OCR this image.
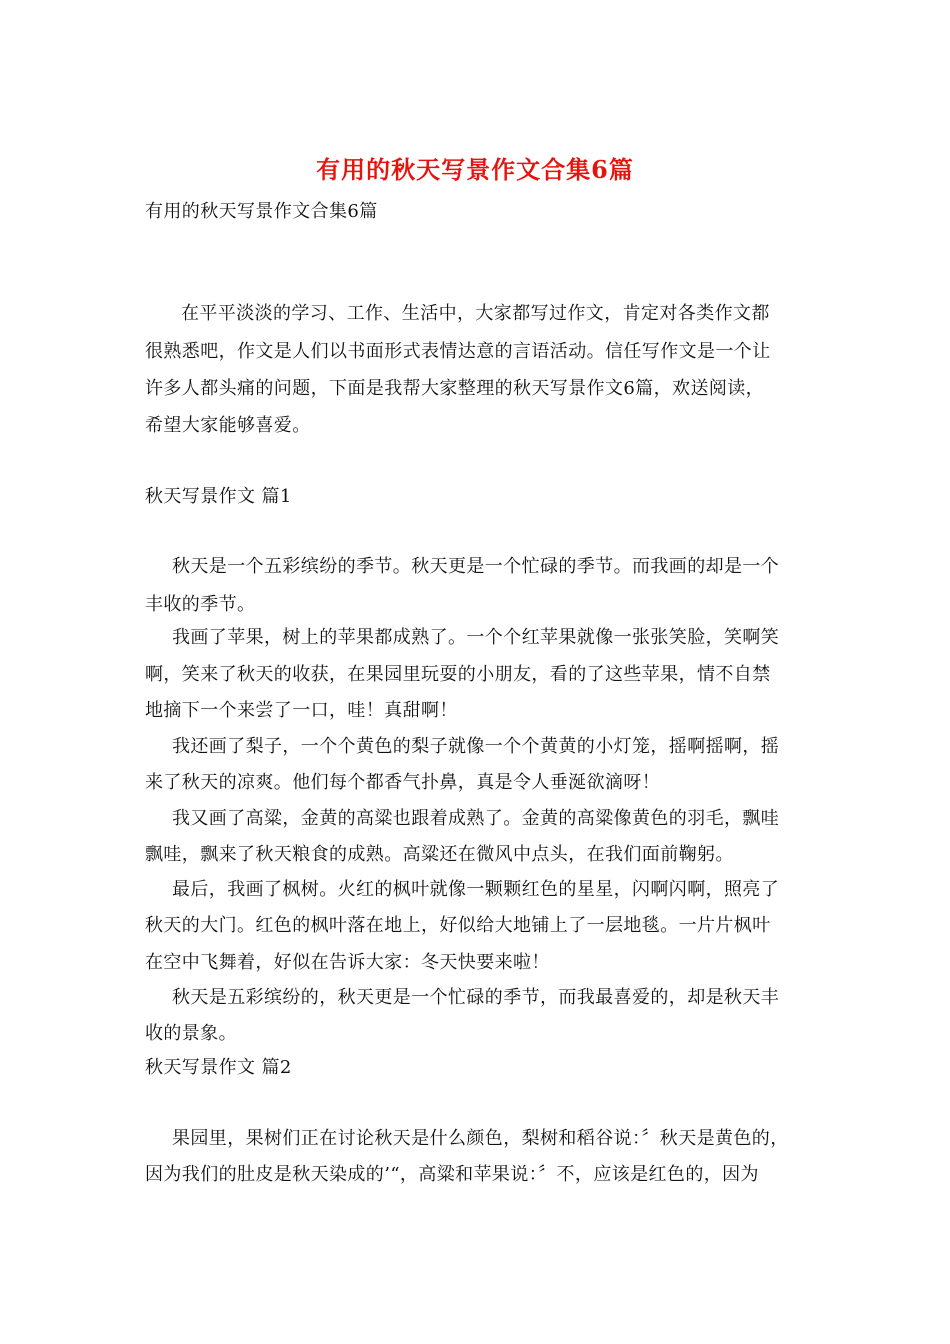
有用的秋天写景作文合集6篇
有用的秋天写景作文合集6篇
在平平淡淡的学习、工作、生活中，大家都写过作文，肯定对各类作文都
很熟悉吧，作文是人们以书面形式表情达意的言语活动。信任写作文是一个让
许多人都头痛的问题，下面是我帮大家整理的秋天写景作文6篇，欢送阅读，
希望大家能够喜爱。
秋天写景作文 篇1
秋天是一个五彩缤纷的季节。秋天更是一个忙碌的季节。而我画的却是一个
丰收的季节。
我画了苹果，树上的苹果都成熟了。一个个红苹果就像一张张笑脸，笑啊笑
啊，笑来了秋天的收获，在果园里玩耍的小朋友，看的了这些苹果，情不自禁
地摘下一个来尝了一口，哇！真甜啊！
我还画了梨子，一个个黄色的梨子就像一个个黄黄的小灯笼，摇啊摇啊，摇
来了秋天的凉爽。他们每个都香气扑鼻，真是令人垂涎欲滴呀！
我又画了高粱，金黄的高粱也跟着成熟了。金黄的高粱像黄色的羽毛，飘哇
飘哇，飘来了秋天粮食的成熟。高粱还在微风中点头，在我们面前鞠躬。
最后，我画了枫树。火红的枫叶就像一颗颗红色的星星，闪啊闪啊，照亮了
秋天的大门。红色的枫叶落在地上，好似给大地铺上了一层地毯。一片片枫叶
在空中飞舞着，好似在告诉大家：冬天快要来啦！
秋天是五彩缤纷的，秋天更是一个忙碌的季节，而我最喜爱的，却是秋天丰
收的景象。
秋天写景作文 篇2
果园里，果树们正在讨论秋天是什么颜色，梨树和稻谷说：〞秋天是黄色的，
因为我们的肚皮是秋天染成的’“，高粱和苹果说：〞不，应该是红色的，因为
